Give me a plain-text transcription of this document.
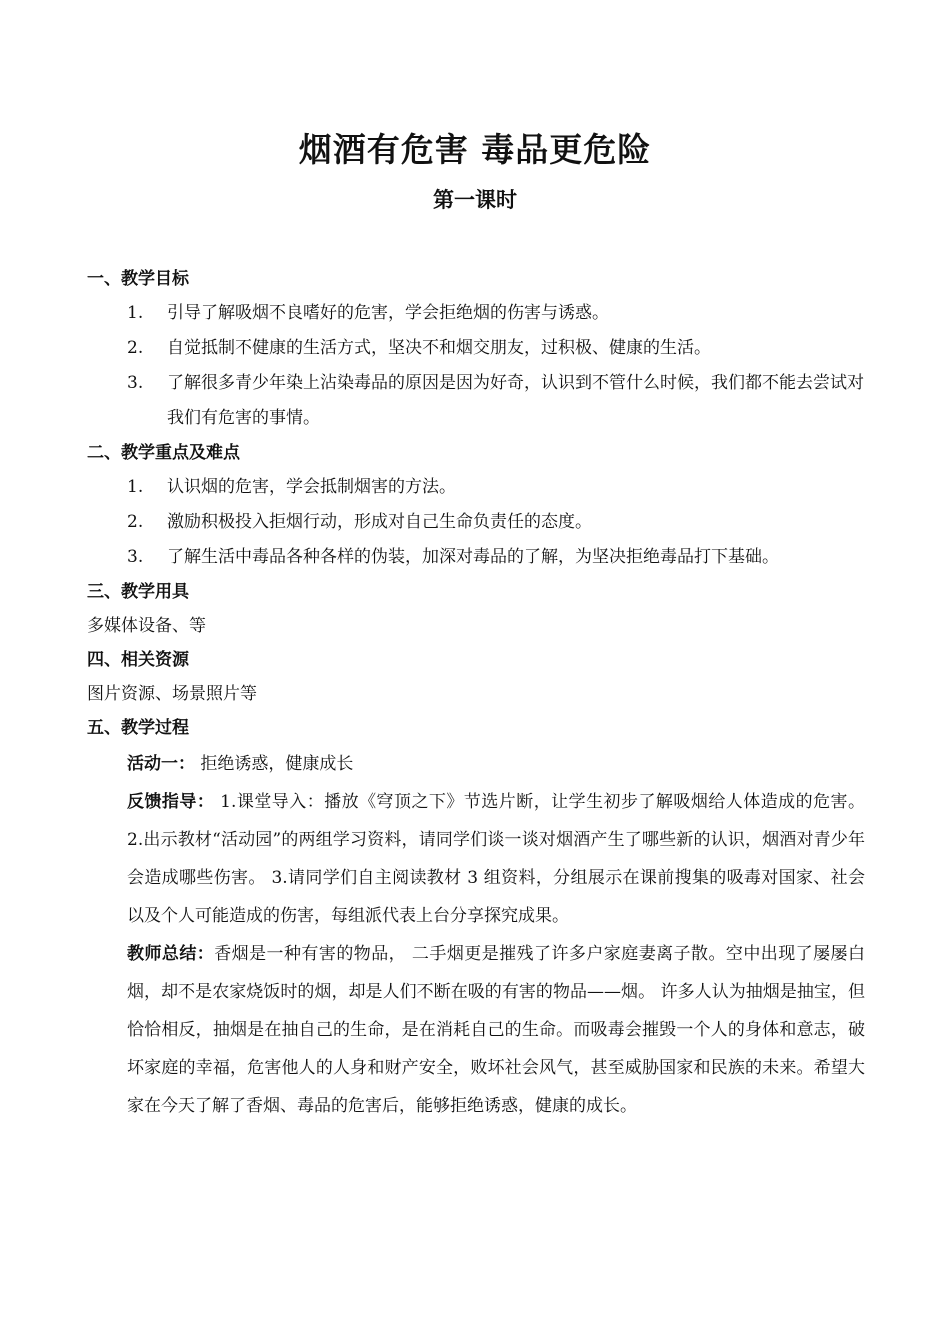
烟酒有危害 毒品更危险
第一课时
一、教学目标
1.	引导了解吸烟不良嗜好的危害，学会拒绝烟的伤害与诱惑。
2.	自觉抵制不健康的生活方式，坚决不和烟交朋友，过积极、健康的生活。
3.	了解很多青少年染上沾染毒品的原因是因为好奇，认识到不管什么时候，我们都不能去尝试对我们有危害的事情。
二、教学重点及难点
1.	认识烟的危害，学会抵制烟害的方法。
2.	激励积极投入拒烟行动，形成对自己生命负责任的态度。
3.	了解生活中毒品各种各样的伪装，加深对毒品的了解，为坚决拒绝毒品打下基础。
三、教学用具
多媒体设备、等
四、相关资源
图片资源、场景照片等
五、教学过程
活动一： 拒绝诱惑，健康成长
反馈指导： 1.课堂导入：播放《穹顶之下》节选片断，让学生初步了解吸烟给人体造成的危害。 2.出示教材“活动园”的两组学习资料，请同学们谈一谈对烟酒产生了哪些新的认识，烟酒对青少年会造成哪些伤害。 3.请同学们自主阅读教材 3 组资料，分组展示在课前搜集的吸毒对国家、社会以及个人可能造成的伤害，每组派代表上台分享探究成果。
教师总结：香烟是一种有害的物品， 二手烟更是摧残了许多户家庭妻离子散。空中出现了屡屡白烟，却不是农家烧饭时的烟，却是人们不断在吸的有害的物品——烟。 许多人认为抽烟是抽宝，但恰恰相反，抽烟是在抽自己的生命，是在消耗自己的生命。而吸毒会摧毁一个人的身体和意志，破坏家庭的幸福，危害他人的人身和财产安全，败坏社会风气，甚至威胁国家和民族的未来。希望大家在今天了解了香烟、毒品的危害后，能够拒绝诱惑，健康的成长。
